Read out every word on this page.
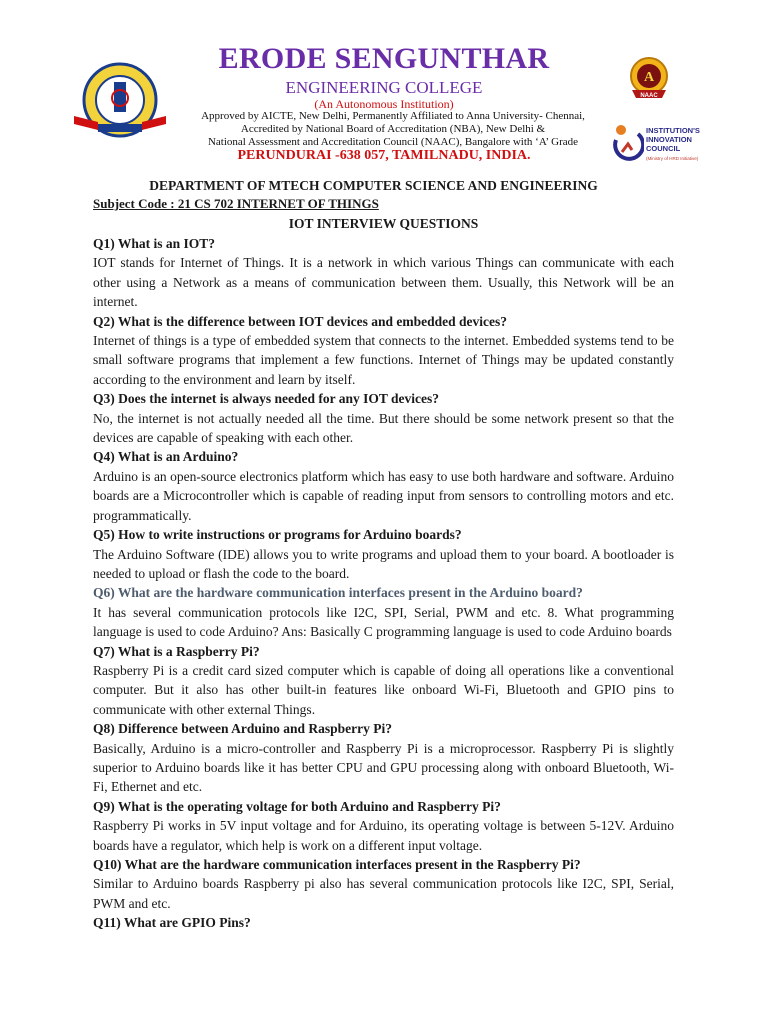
ERODE SENGUNTHAR
ENGINEERING COLLEGE
(An Autonomous Institution)
Approved by AICTE, New Delhi, Permanently Affiliated to Anna University- Chennai,
Accredited by National Board of Accreditation (NBA), New Delhi &
National Assessment and Accreditation Council (NAAC), Bangalore with ‘A’ Grade
PERUNDURAI -638 057, TAMILNADU, INDIA.
A
NAAC
INSTITUTION'S
INNOVATION
COUNCIL
(Ministry of HRD Initiative)
DEPARTMENT OF MTECH COMPUTER SCIENCE AND ENGINEERING
Subject Code : 21 CS 702 INTERNET OF THINGS
IOT INTERVIEW QUESTIONS
Q1) What is an IOT?
IOT stands for Internet of Things. It is a network in which various Things can communicate with each other using a Network as a means of communication between them. Usually, this Network will be an internet.
Q2) What is the difference between IOT devices and embedded devices?
Internet of things is a type of embedded system that connects to the internet. Embedded systems tend to be small software programs that implement a few functions. Internet of Things may be updated constantly according to the environment and learn by itself.
Q3) Does the internet is always needed for any IOT devices?
No, the internet is not actually needed all the time. But there should be some network present so that the devices are capable of speaking with each other.
Q4) What is an Arduino?
Arduino is an open-source electronics platform which has easy to use both hardware and software. Arduino boards are a Microcontroller which is capable of reading input from sensors to controlling motors and etc. programmatically.
Q5) How to write instructions or programs for Arduino boards?
The Arduino Software (IDE) allows you to write programs and upload them to your board. A bootloader is needed to upload or flash the code to the board.
Q6) What are the hardware communication interfaces present in the Arduino board?
It has several communication protocols like I2C, SPI, Serial, PWM and etc. 8. What programming language is used to code Arduino? Ans: Basically C programming language is used to code Arduino boards
Q7) What is a Raspberry Pi?
Raspberry Pi is a credit card sized computer which is capable of doing all operations like a conventional computer. But it also has other built-in features like onboard Wi-Fi, Bluetooth and GPIO pins to communicate with other external Things.
Q8) Difference between Arduino and Raspberry Pi?
Basically, Arduino is a micro-controller and Raspberry Pi is a microprocessor. Raspberry Pi is slightly superior to Arduino boards like it has better CPU and GPU processing along with onboard Bluetooth, Wi-Fi, Ethernet and etc.
Q9) What is the operating voltage for both Arduino and Raspberry Pi?
Raspberry Pi works in 5V input voltage and for Arduino, its operating voltage is between 5-12V. Arduino boards have a regulator, which help is work on a different input voltage.
Q10) What are the hardware communication interfaces present in the Raspberry Pi?
Similar to Arduino boards Raspberry pi also has several communication protocols like I2C, SPI, Serial, PWM and etc.
Q11) What are GPIO Pins?
